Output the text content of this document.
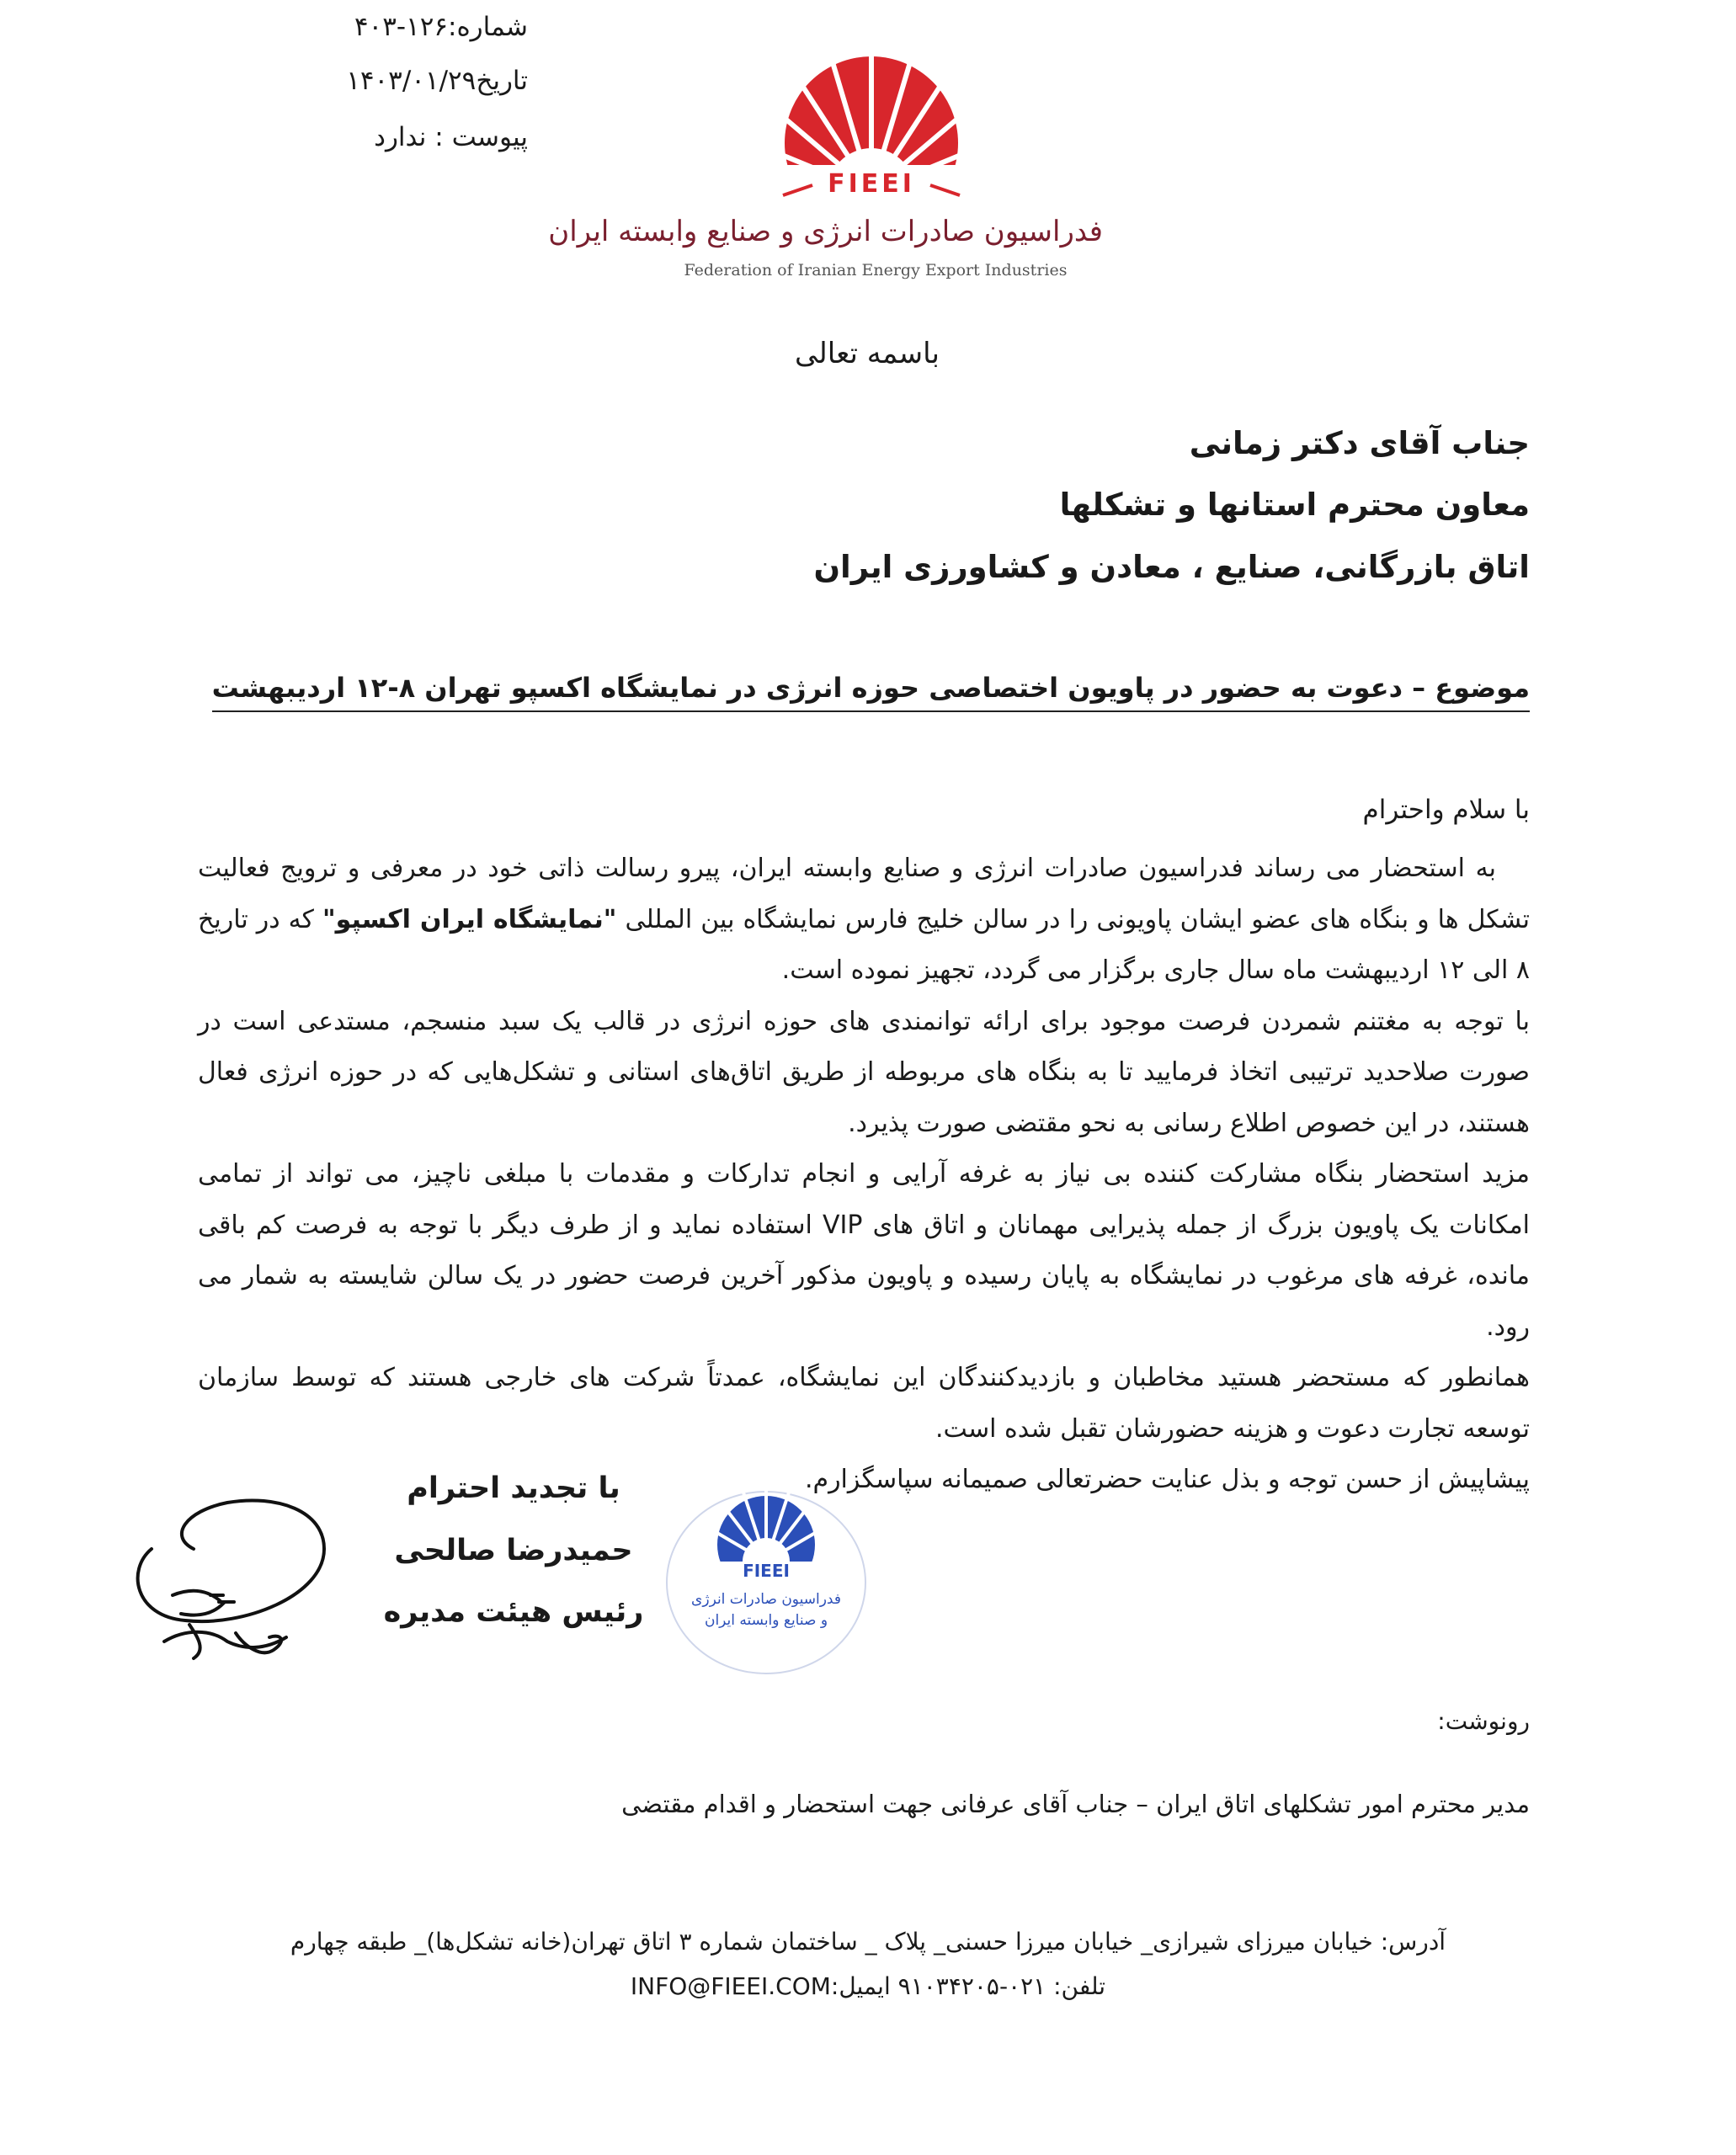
شماره:۱۲۶-۴۰۳
تاریخ۱۴۰۳/۰۱/۲۹
پیوست : ندارد
FIEEI
فدراسیون صادرات انرژی و صنایع وابسته ایران
Federation of Iranian Energy Export Industries
باسمه تعالی
جناب آقای دکتر زمانی
معاون محترم استانها و تشکلها
اتاق بازرگانی، صنایع ، معادن و کشاورزی ایران
موضوع – دعوت به حضور در پاویون اختصاصی حوزه انرژی در نمایشگاه اکسپو تهران ۸-۱۲ اردیبهشت
با سلام واحترام

به استحضار می رساند فدراسیون صادرات انرژی و صنایع وابسته ایران، پیرو رسالت ذاتی خود در معرفی و ترویج فعالیت تشکل ها و بنگاه های عضو ایشان پاویونی را در سالن خلیج فارس نمایشگاه بین المللی "نمایشگاه ایران اکسپو" که در تاریخ ۸ الی ۱۲ اردیبهشت ماه سال جاری برگزار می گردد، تجهیز نموده است.

با توجه به مغتنم شمردن فرصت موجود برای ارائه توانمندی های حوزه انرژی در قالب یک سبد منسجم، مستدعی است در صورت صلاحدید ترتیبی اتخاذ فرمایید تا به بنگاه های مربوطه از طریق اتاق‌های استانی و تشکل‌هایی که در حوزه انرژی فعال هستند، در این خصوص اطلاع رسانی به نحو مقتضی صورت پذیرد.

مزید استحضار بنگاه مشارکت کننده بی نیاز به غرفه آرایی و انجام تدارکات و مقدمات با مبلغی ناچیز، می تواند از تمامی امکانات یک پاویون بزرگ از جمله پذیرایی مهمانان و اتاق های VIP استفاده نماید و از طرف دیگر با توجه به فرصت کم باقی مانده، غرفه های مرغوب در نمایشگاه به پایان رسیده و پاویون مذکور آخرین فرصت حضور در یک سالن شایسته به شمار می رود.

همانطور که مستحضر هستید مخاطبان و بازدیدکنندگان این نمایشگاه، عمدتاً شرکت های خارجی هستند که توسط سازمان توسعه تجارت دعوت و هزینه حضورشان تقبل شده است.

پیشاپیش از حسن توجه و بذل عنایت حضرتعالی صمیمانه سپاسگزارم.

با تجدید احترام
حمیدرضا صالحی
رئیس هیئت مدیره
FIEEI
فدراسیون صادرات انرژی
و صنایع وابسته ایران
رونوشت:
مدیر محترم امور تشکلهای اتاق ایران – جناب آقای عرفانی جهت استحضار و اقدام مقتضی
آدرس: خیابان میرزای شیرازی_ خیابان میرزا حسنی_ پلاک _ ساختمان شماره ۳ اتاق تهران(خانه تشکل‌ها)_ طبقه چهارم
تلفن: ۰۲۱-۹۱۰۳۴۲۰۵ ایمیل:INFO@FIEEI.COM
